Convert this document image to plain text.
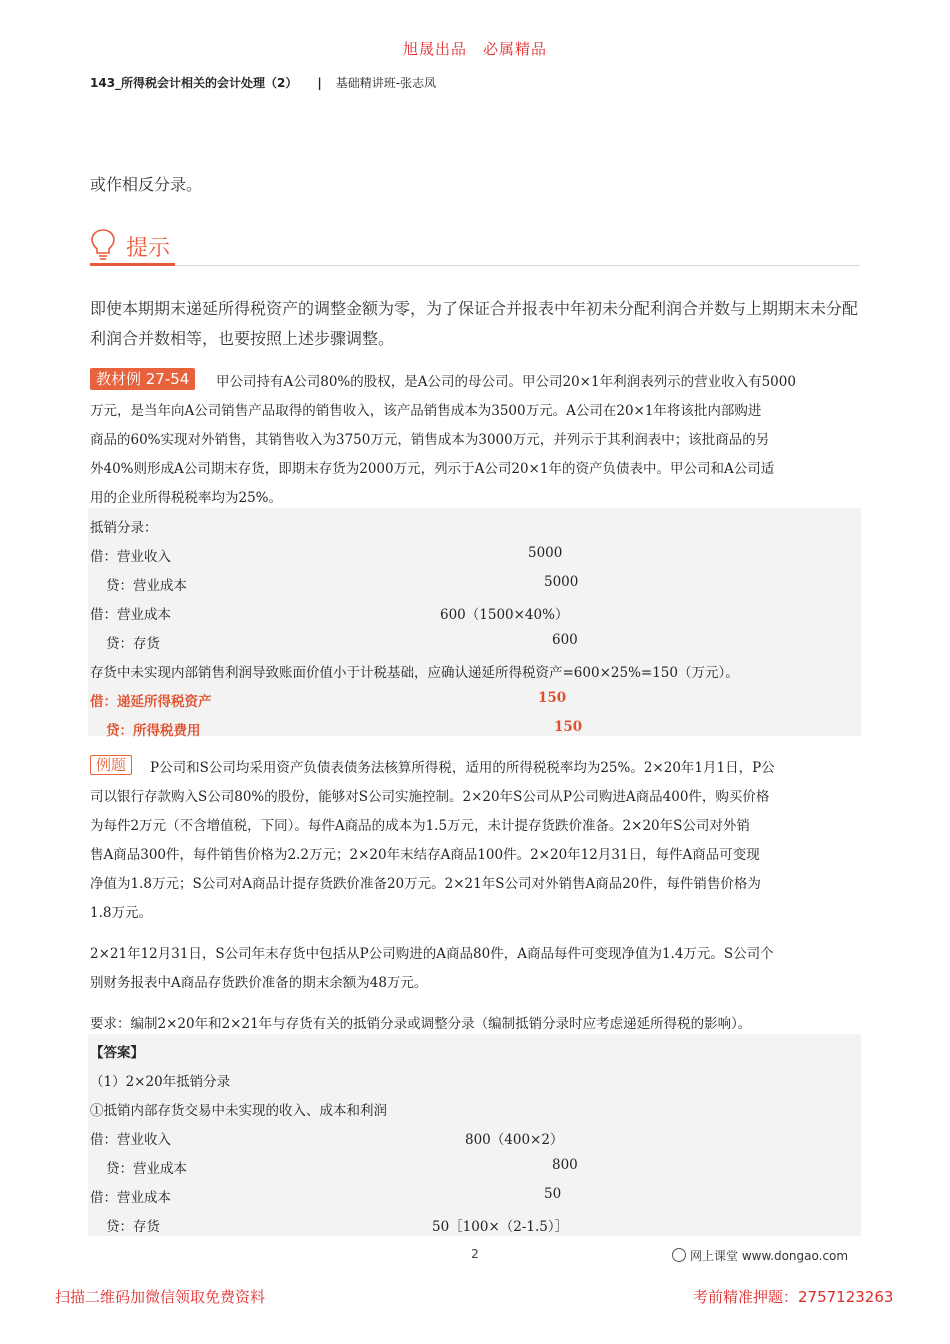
旭晟出品　必属精品
143_所得税会计相关的会计处理（2） | 基础精讲班-张志凤
或作相反分录。
提示
即使本期期末递延所得税资产的调整金额为零，为了保证合并报表中年初未分配利润合并数与上期期末未分配
利润合并数相等，也要按照上述步骤调整。
教材例 27-54	甲公司持有A公司80%的股权，是A公司的母公司。甲公司20×1年利润表列示的营业收入有5000
万元，是当年向A公司销售产品取得的销售收入，该产品销售成本为3500万元。A公司在20×1年将该批内部购进
商品的60%实现对外销售，其销售收入为3750万元，销售成本为3000万元，并列示于其利润表中；该批商品的另
外40%则形成A公司期末存货，即期末存货为2000万元，列示于A公司20×1年的资产负债表中。甲公司和A公司适
用的企业所得税税率均为25%。
抵销分录：
借：营业收入	5000
贷：营业成本	5000
借：营业成本	600（1500×40%）
贷：存货	600
存货中未实现内部销售利润导致账面价值小于计税基础，应确认递延所得税资产=600×25%=150（万元）。
借：递延所得税资产	150
贷：所得税费用	150
例题	P公司和S公司均采用资产负债表债务法核算所得税，适用的所得税税率均为25%。2×20年1月1日，P公
司以银行存款购入S公司80%的股份，能够对S公司实施控制。2×20年S公司从P公司购进A商品400件，购买价格
为每件2万元（不含增值税，下同）。每件A商品的成本为1.5万元，未计提存货跌价准备。2×20年S公司对外销
售A商品300件，每件销售价格为2.2万元；2×20年末结存A商品100件。2×20年12月31日，每件A商品可变现
净值为1.8万元；S公司对A商品计提存货跌价准备20万元。2×21年S公司对外销售A商品20件，每件销售价格为
1.8万元。
2×21年12月31日，S公司年末存货中包括从P公司购进的A商品80件，A商品每件可变现净值为1.4万元。S公司个
别财务报表中A商品存货跌价准备的期末余额为48万元。
要求：编制2×20年和2×21年与存货有关的抵销分录或调整分录（编制抵销分录时应考虑递延所得税的影响）。
【答案】
（1）2×20年抵销分录
①抵销内部存货交易中未实现的收入、成本和利润
借：营业收入	800（400×2）
贷：营业成本	800
借：营业成本	50
贷：存货	50［100×（2-1.5）］
2	网上课堂 www.dongao.com
扫描二维码加微信领取免费资料	考前精准押题：2757123263
